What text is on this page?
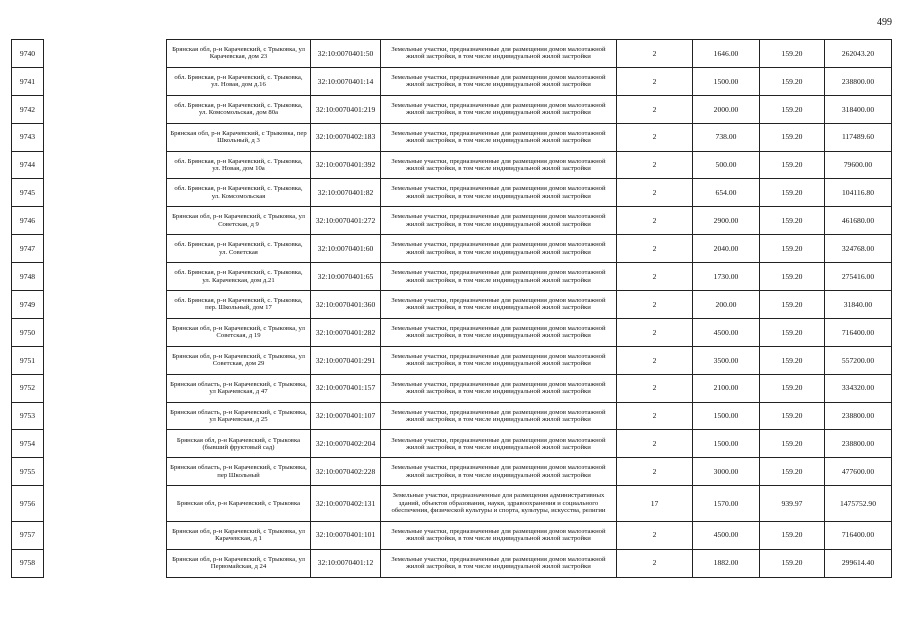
499
9740		Брянская обл, р-н Карачевский, с Трыковка, ул Карачевская, дом 23	32:10:0070401:50	Земельные участки, предназначенные для размещения домов малоэтажной жилой застройки, в том числе индивидуальной жилой застройки	2	1646.00	159.20	262043.20
9741		обл. Брянская, р-н Карачевский, с. Трыковка, ул. Новая, дом д.16	32:10:0070401:14	Земельные участки, предназначенные для размещения домов малоэтажной жилой застройки, в том числе индивидуальной жилой застройки	2	1500.00	159.20	238800.00
9742		обл. Брянская, р-н Карачевский, с. Трыковка, ул. Комсомольская, дом 80а	32:10:0070401:219	Земельные участки, предназначенные для размещения домов малоэтажной жилой застройки, в том числе индивидуальной жилой застройки	2	2000.00	159.20	318400.00
9743		Брянская обл, р-н Карачевский, с Трыковка, пер Школьный, д 3	32:10:0070402:183	Земельные участки, предназначенные для размещения домов малоэтажной жилой застройки, в том числе индивидуальной жилой застройки	2	738.00	159.20	117489.60
9744		обл. Брянская, р-н Карачевский, с. Трыковка, ул. Новая, дом 10а	32:10:0070401:392	Земельные участки, предназначенные для размещения домов малоэтажной жилой застройки, в том числе индивидуальной жилой застройки	2	500.00	159.20	79600.00
9745		обл. Брянская, р-н Карачевский, с. Трыковка, ул. Комсомольская	32:10:0070401:82	Земельные участки, предназначенные для размещения домов малоэтажной жилой застройки, в том числе индивидуальной жилой застройки	2	654.00	159.20	104116.80
9746		Брянская обл, р-н Карачевский, с Трыковка, ул Советская, д 9	32:10:0070401:272	Земельные участки, предназначенные для размещения домов малоэтажной жилой застройки, в том числе индивидуальной жилой застройки	2	2900.00	159.20	461680.00
9747		обл. Брянская, р-н Карачевский, с. Трыковка, ул. Советская	32:10:0070401:60	Земельные участки, предназначенные для размещения домов малоэтажной жилой застройки, в том числе индивидуальной жилой застройки	2	2040.00	159.20	324768.00
9748		обл. Брянская, р-н Карачевский, с. Трыковка, ул. Карачевская, дом д.21	32:10:0070401:65	Земельные участки, предназначенные для размещения домов малоэтажной жилой застройки, в том числе индивидуальной жилой застройки	2	1730.00	159.20	275416.00
9749		обл. Брянская, р-н Карачевский, с. Трыковка, пер. Школьный, дом 17	32:10:0070401:360	Земельные участки, предназначенные для размещения домов малоэтажной жилой застройки, в том числе индивидуальной жилой застройки	2	200.00	159.20	31840.00
9750		Брянская обл, р-н Карачевский, с Трыковка, ул Советская, д 19	32:10:0070401:282	Земельные участки, предназначенные для размещения домов малоэтажной жилой застройки, в том числе индивидуальной жилой застройки	2	4500.00	159.20	716400.00
9751		Брянская обл, р-н Карачевский, с Трыковка, ул Советская, дом 29	32:10:0070401:291	Земельные участки, предназначенные для размещения домов малоэтажной жилой застройки, в том числе индивидуальной жилой застройки	2	3500.00	159.20	557200.00
9752		Брянская область, р-н Карачевский, с Трыковка, ул Карачевская, д 47	32:10:0070401:157	Земельные участки, предназначенные для размещения домов малоэтажной жилой застройки, в том числе индивидуальной жилой застройки	2	2100.00	159.20	334320.00
9753		Брянская область, р-н Карачевский, с Трыковка, ул Карачевская, д 25	32:10:0070401:107	Земельные участки, предназначенные для размещения домов малоэтажной жилой застройки, в том числе индивидуальной жилой застройки	2	1500.00	159.20	238800.00
9754		Брянская обл, р-н Карачевский, с Трыковка (бывший фруктовый сад)	32:10:0070402:204	Земельные участки, предназначенные для размещения домов малоэтажной жилой застройки, в том числе индивидуальной жилой застройки	2	1500.00	159.20	238800.00
9755		Брянская область, р-н Карачевский, с Трыковка, пер Школьный	32:10:0070402:228	Земельные участки, предназначенные для размещения домов малоэтажной жилой застройки, в том числе индивидуальной жилой застройки	2	3000.00	159.20	477600.00
9756		Брянская обл, р-н Карачевский, с Трыковка	32:10:0070402:131	Земельные участки, предназначенные для размещения административных зданий, объектов образования, науки, здравоохранения и социального обеспечения, физической культуры и спорта, культуры, искусства, религии	17	1570.00	939.97	1475752.90
9757		Брянская обл, р-н Карачевский, с Трыковка, ул Карачевская, д 1	32:10:0070401:101	Земельные участки, предназначенные для размещения домов малоэтажной жилой застройки, в том числе индивидуальной жилой застройки	2	4500.00	159.20	716400.00
9758		Брянская обл, р-н Карачевский, с Трыковка, ул Первомайская, д 24	32:10:0070401:12	Земельные участки, предназначенные для размещения домов малоэтажной жилой застройки, в том числе индивидуальной жилой застройки	2	1882.00	159.20	299614.40
